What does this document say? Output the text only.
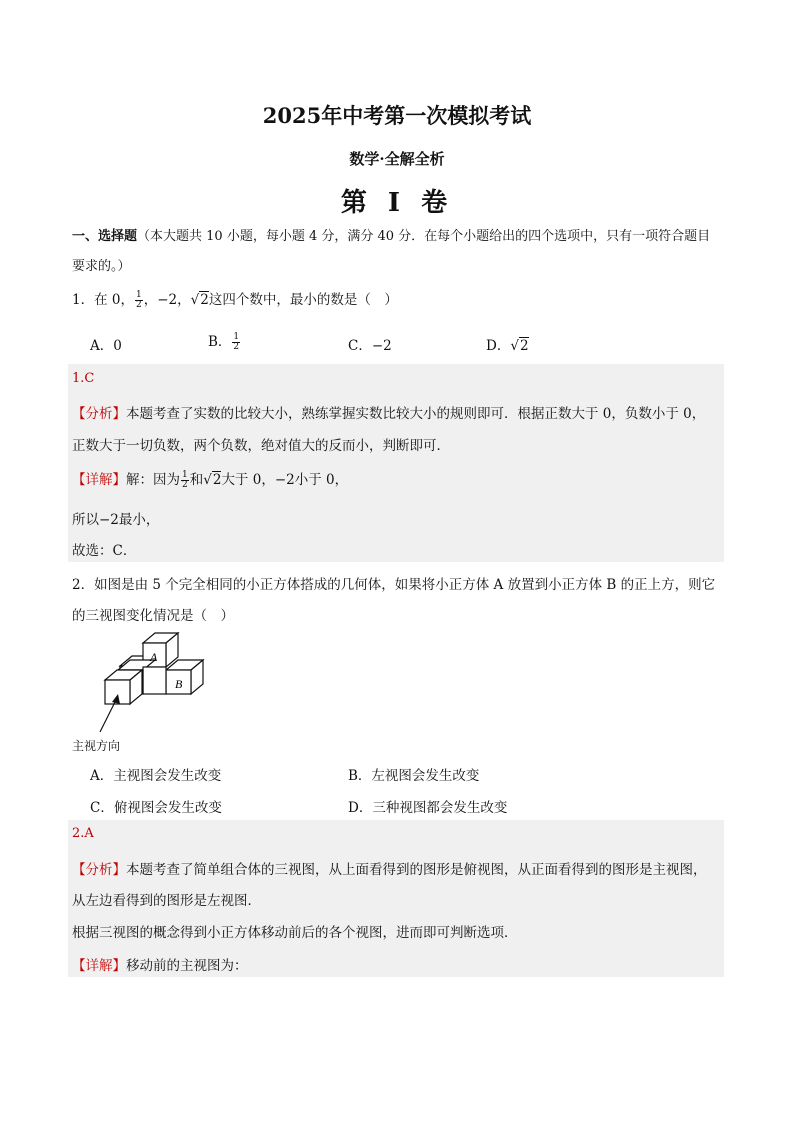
2025年中考第一次模拟考试
数学·全解全析
第 I 卷
一、选择题（本大题共 10 小题，每小题 4 分，满分 40 分．在每个小题给出的四个选项中，只有一项符合题目要求的。）
1．在 0， $\frac{1}{2}$ ，−2，√2这四个数中，最小的数是（　）
A．0	B． $\frac{1}{2}$	C．−2	D．√2
1.C
【分析】本题考查了实数的比较大小，熟练掌握实数比较大小的规则即可．根据正数大于 0，负数小于 0，
正数大于一切负数，两个负数，绝对值大的反而小，判断即可．
【详解】解：因为 $\frac{1}{2}$ 和√2大于 0，−2小于 0，
所以−2最小，
故选：C．
2．如图是由 5 个完全相同的小正方体搭成的几何体，如果将小正方体 A 放置到小正方体 B 的正上方，则它
的三视图变化情况是（　）
A
B
主视方向
A．主视图会发生改变	B．左视图会发生改变
C．俯视图会发生改变	D．三种视图都会发生改变
2.A
【分析】本题考查了简单组合体的三视图，从上面看得到的图形是俯视图，从正面看得到的图形是主视图，
从左边看得到的图形是左视图．
根据三视图的概念得到小正方体移动前后的各个视图，进而即可判断选项．
【详解】移动前的主视图为：
